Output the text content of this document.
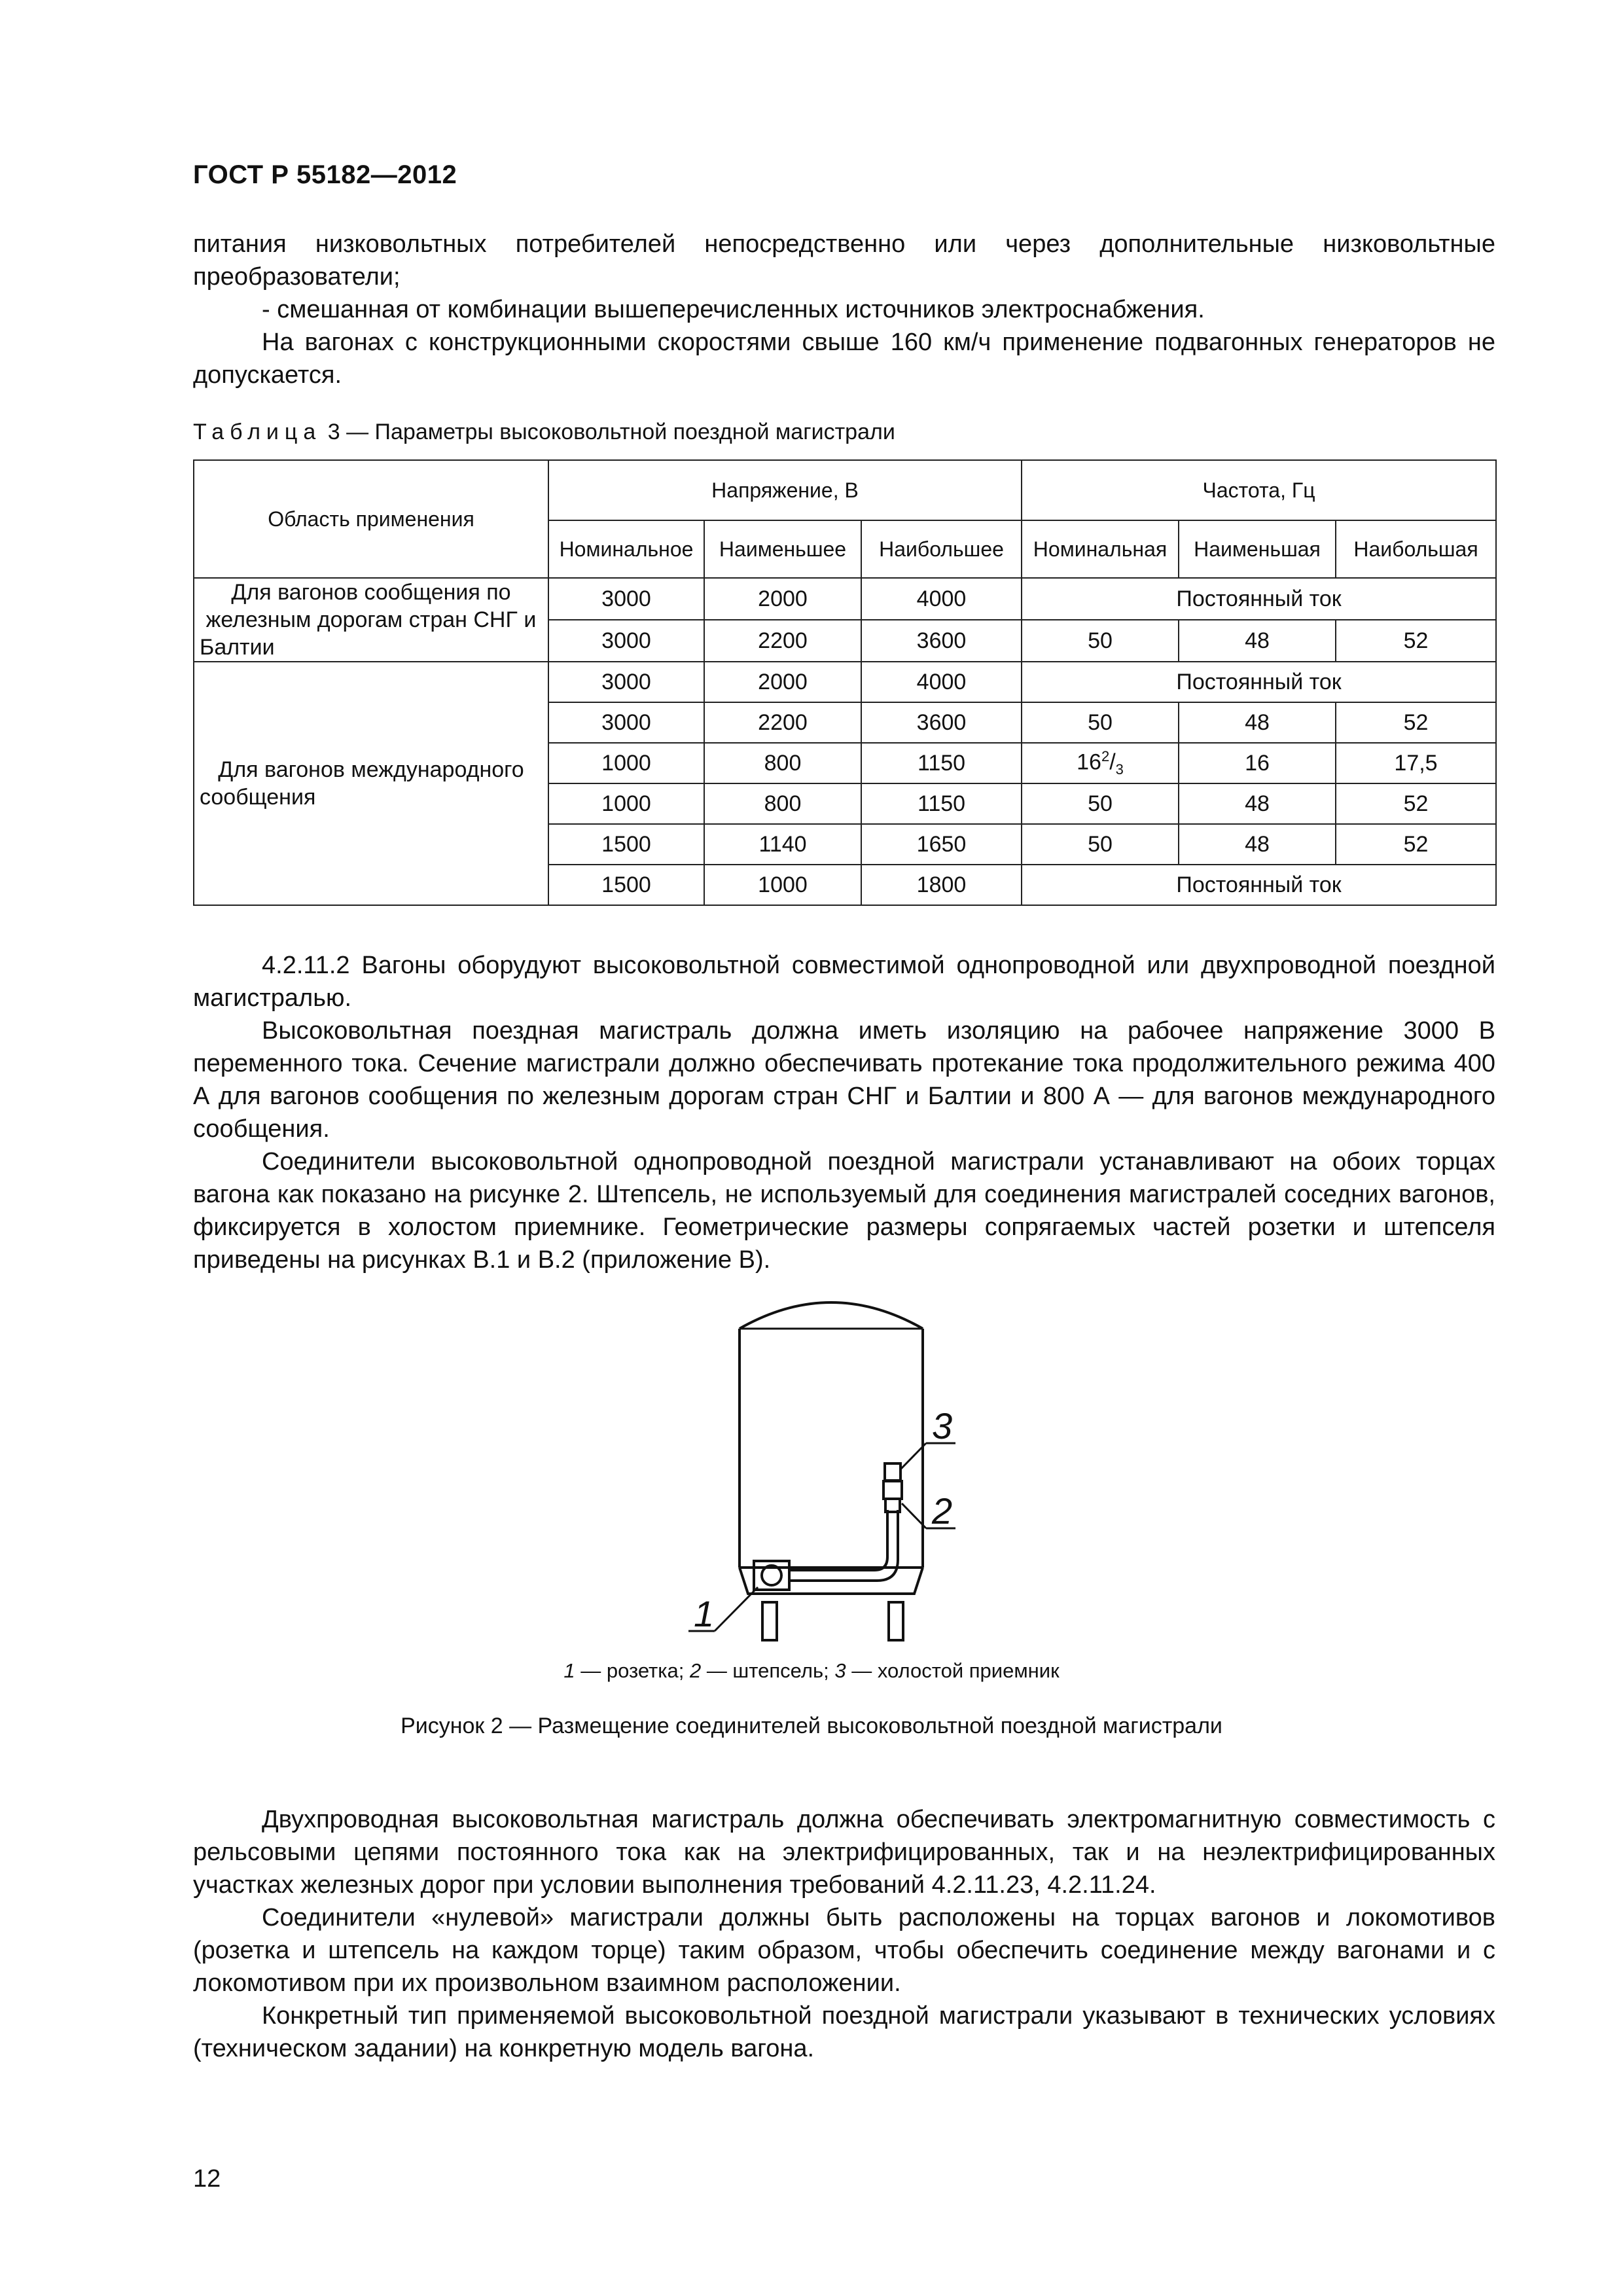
ГОСТ Р 55182—2012

питания низковольтных потребителей непосредственно или через дополнительные низковольтные преобразователи;

- смешанная от комбинации вышеперечисленных источников электроснабжения.

На вагонах с конструкционными скоростями свыше 160 км/ч применение подвагонных генераторов не допускается.

Таблица 3 — Параметры высоковольтной поездной магистрали
Область применения	Напряжение, В			Частота, Гц		
	Номинальное	Наименьшее	Наибольшее	Номинальная	Наименьшая	Наибольшая
Для вагонов сообщения по железным дорогам стран СНГ и Балтии	3000	2000	4000	Постоянный ток		
	3000	2200	3600	50	48	52
Для вагонов международного сообщения	3000	2000	4000	Постоянный ток		
	3000	2200	3600	50	48	52
	1000	800	1150	$16^2/_3$	16	17,5
	1000	800	1150	50	48	52
	1500	1140	1650	50	48	52
	1500	1000	1800	Постоянный ток		

4.2.11.2 Вагоны оборудуют высоковольтной совместимой однопроводной или двухпроводной поездной магистралью.

Высоковольтная поездная магистраль должна иметь изоляцию на рабочее напряжение 3000 В переменного тока. Сечение магистрали должно обеспечивать протекание тока продолжительного режима 400 А для вагонов сообщения по железным дорогам стран СНГ и Балтии и 800 А — для вагонов международного сообщения.

Соединители высоковольтной однопроводной поездной магистрали устанавливают на обоих торцах вагона как показано на рисунке 2. Штепсель, не используемый для соединения магистралей соседних вагонов, фиксируется в холостом приемнике. Геометрические размеры сопрягаемых частей розетки и штепселя приведены на рисунках В.1 и В.2 (приложение В).

3
2
1
1 — розетка; 2 — штепсель; 3 — холостой приемник
Рисунок 2 — Размещение соединителей высоковольтной поездной магистрали

Двухпроводная высоковольтная магистраль должна обеспечивать электромагнитную совместимость с рельсовыми цепями постоянного тока как на электрифицированных, так и на неэлектрифицированных участках железных дорог при условии выполнения требований 4.2.11.23, 4.2.11.24.

Соединители «нулевой» магистрали должны быть расположены на торцах вагонов и локомотивов (розетка и штепсель на каждом торце) таким образом, чтобы обеспечить соединение между вагонами и с локомотивом при их произвольном взаимном расположении.

Конкретный тип применяемой высоковольтной поездной магистрали указывают в технических условиях (техническом задании) на конкретную модель вагона.

12
